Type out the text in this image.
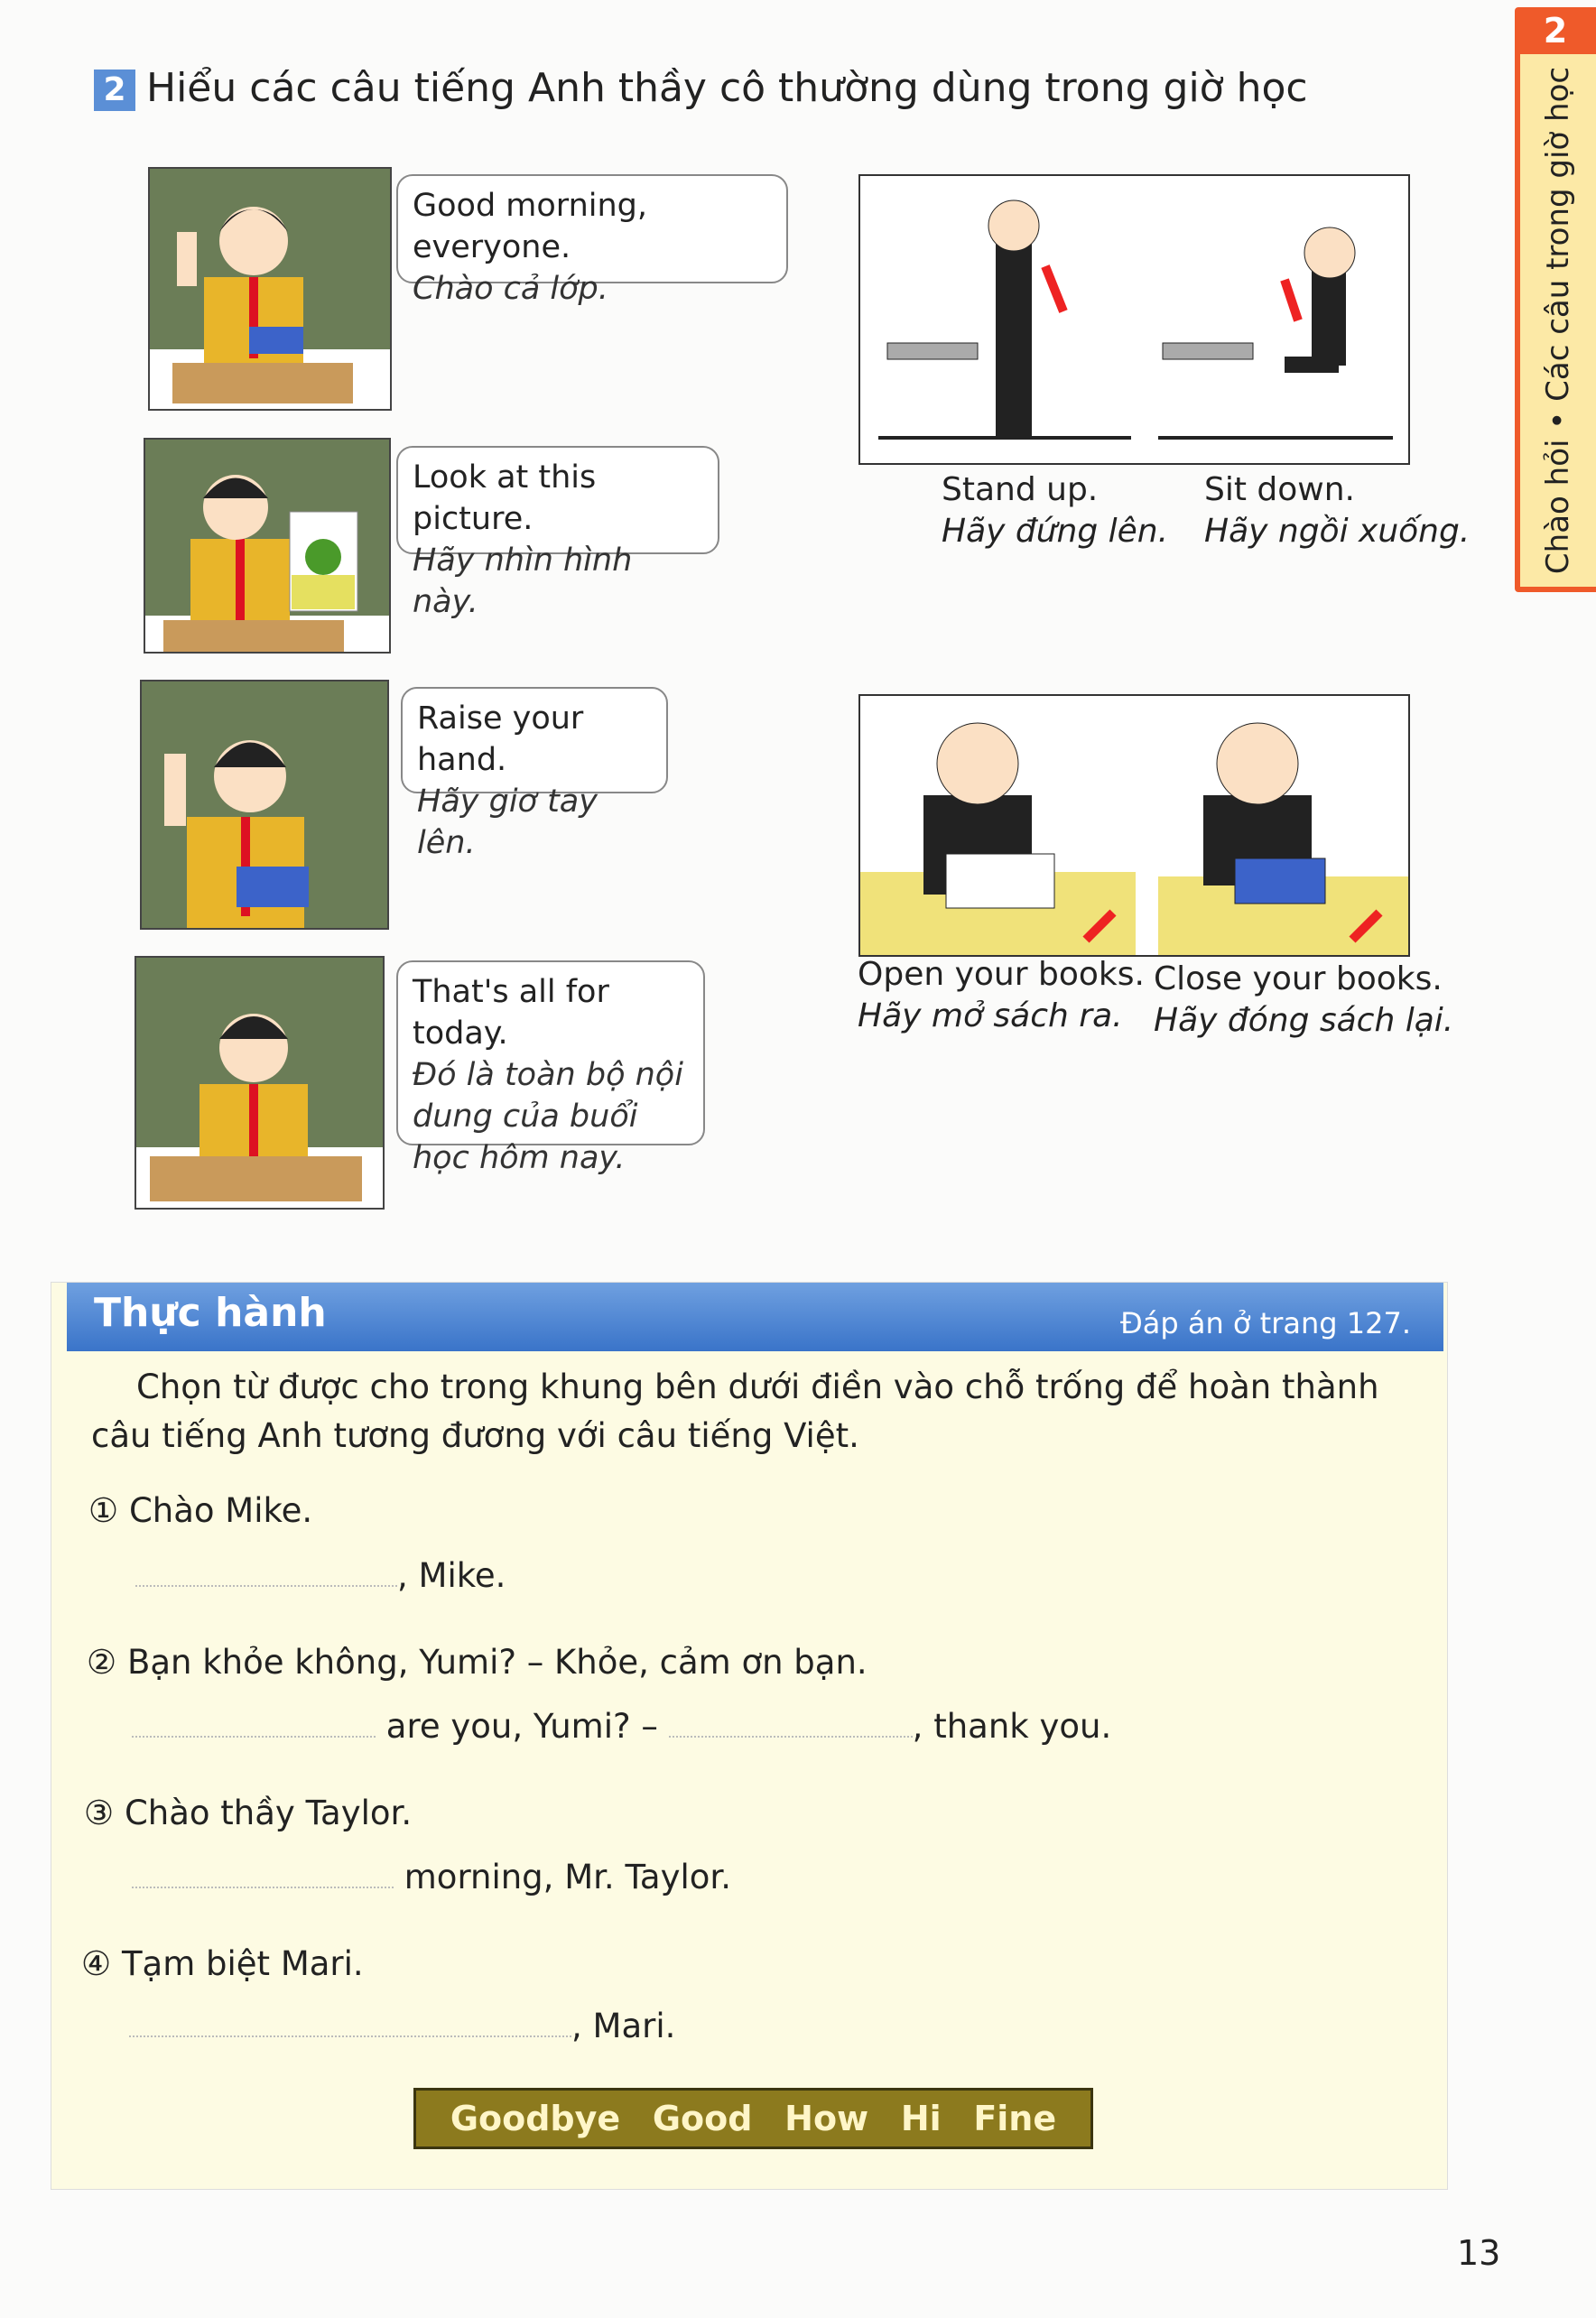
2 Hiểu các câu tiếng Anh thầy cô thường dùng trong giờ học
2
Chào hỏi • Các câu trong giờ học
Good morning, everyone.
Chào cả lớp.
Look at this picture.
Hãy nhìn hình này.
Raise your hand.
Hãy giơ tay lên.
That's all for today.
Đó là toàn bộ nội dung của buổi học hôm nay.
Stand up.
Hãy đứng lên.
Sit down.
Hãy ngồi xuống.
Open your books.
Hãy mở sách ra.
Close your books.
Hãy đóng sách lại.
Thực hành	Đáp án ở trang 127.
Chọn từ được cho trong khung bên dưới điền vào chỗ trống để hoàn thành câu tiếng Anh tương đương với câu tiếng Việt.
① Chào Mike.
, Mike.
② Bạn khỏe không, Yumi? – Khỏe, cảm ơn bạn.
are you, Yumi? –	, thank you.
③ Chào thầy Taylor.
morning, Mr. Taylor.
④ Tạm biệt Mari.
, Mari.
Goodbye Good How Hi Fine
13
